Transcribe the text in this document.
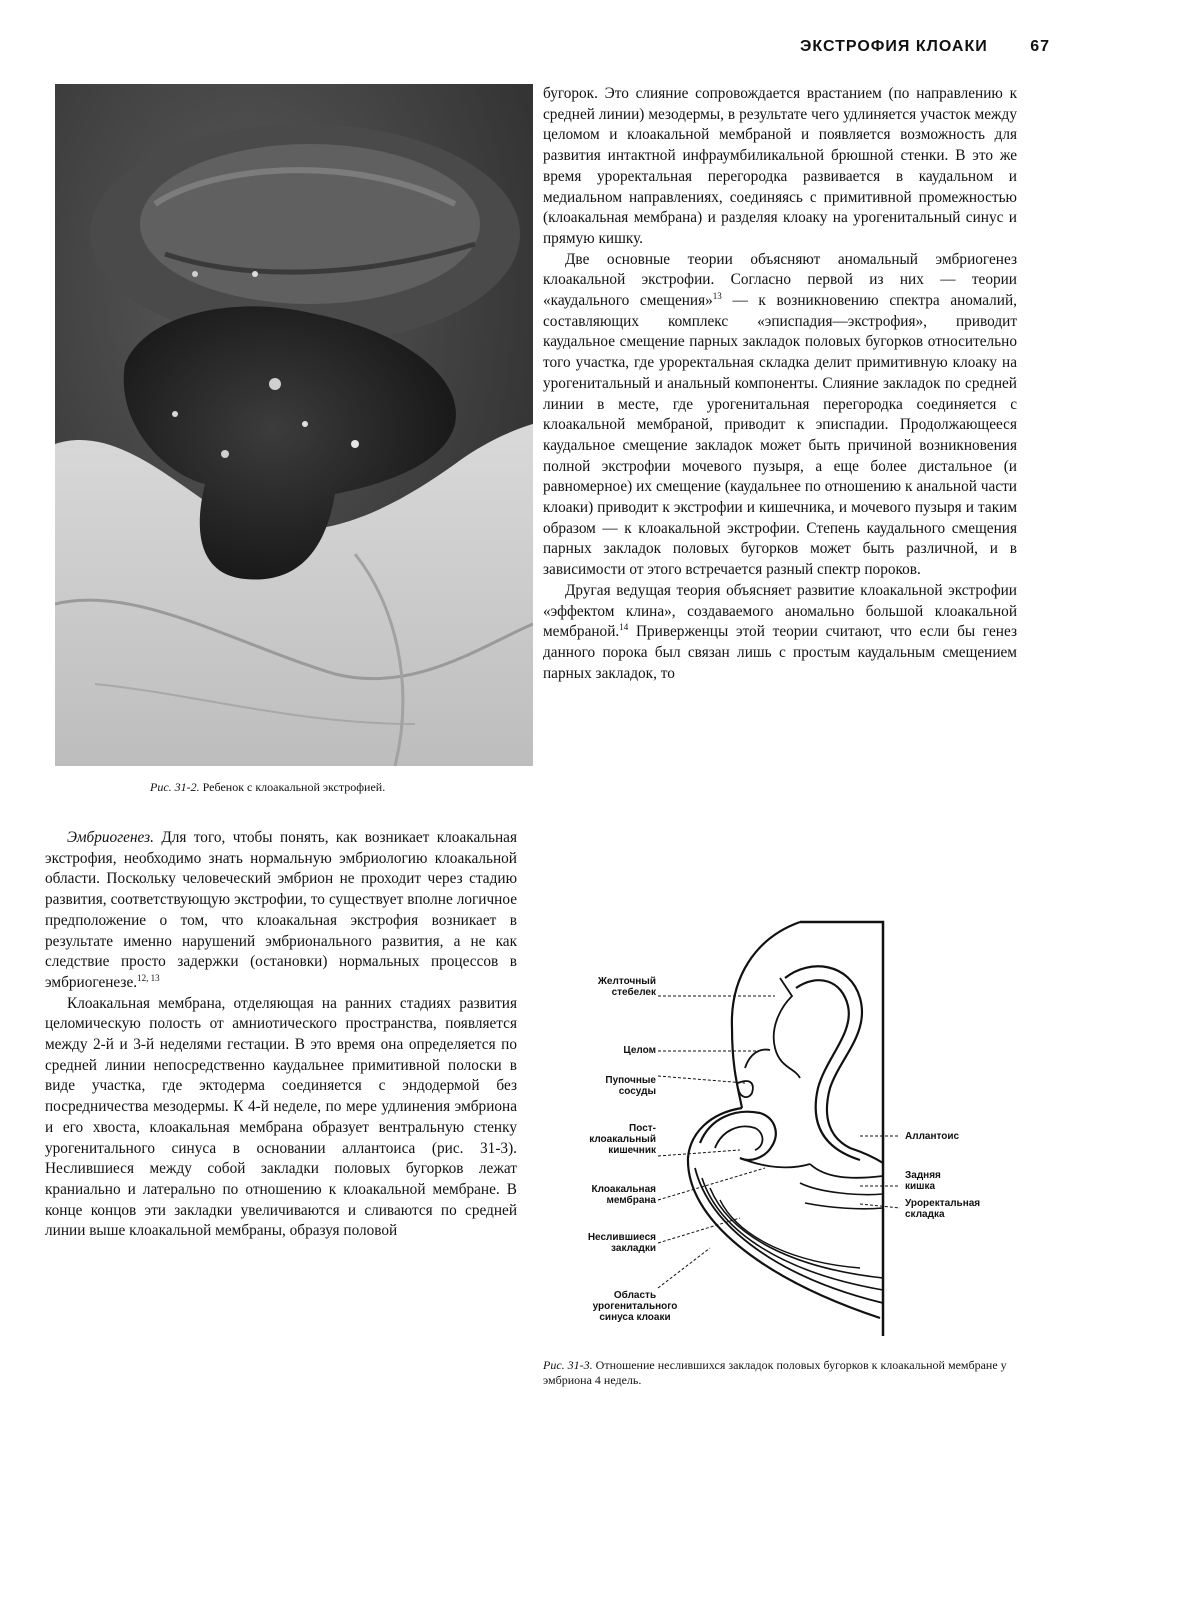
ЭКСТРОФИЯ КЛОАКИ	67
Рис. 31-2. Ребенок с клоакальной экстрофией.

Эмбриогенез. Для того, чтобы понять, как возникает клоакальная экстрофия, необходимо знать нормальную эмбриологию клоакальной области. Поскольку человеческий эмбрион не проходит через стадию развития, соответствующую экстрофии, то существует вполне логичное предположение о том, что клоакальная экстрофия возникает в результате именно нарушений эмбрионального развития, а не как следствие просто задержки (остановки) нормальных процессов в эмбриогенезе.$^{12, 13}$

Клоакальная мембрана, отделяющая на ранних стадиях развития целомическую полость от амниотического пространства, появляется между 2-й и 3-й неделями гестации. В это время она определяется по средней линии непосредственно каудальнее примитивной полоски в виде участка, где эктодерма соединяется с эндодермой без посредничества мезодермы. К 4-й неделе, по мере удлинения эмбриона и его хвоста, клоакальная мембрана образует вентральную стенку урогенитального синуса в основании аллантоиса (рис. 31-3). Неслившиеся между собой закладки половых бугорков лежат краниально и латерально по отношению к клоакальной мембране. В конце концов эти закладки увеличиваются и сливаются по средней линии выше клоакальной мембраны, образуя половой

бугорок. Это слияние сопровождается врастанием (по направлению к средней линии) мезодермы, в результате чего удлиняется участок между целомом и клоакальной мембраной и появляется возможность для развития интактной инфраумбиликальной брюшной стенки. В это же время уроректальная перегородка развивается в каудальном и медиальном направлениях, соединяясь с примитивной промежностью (клоакальная мембрана) и разделяя клоаку на урогенитальный синус и прямую кишку.

Две основные теории объясняют аномальный эмбриогенез клоакальной экстрофии. Согласно первой из них — теории «каудального смещения»$^{13}$ — к возникновению спектра аномалий, составляющих комплекс «эписпадия—экстрофия», приводит каудальное смещение парных закладок половых бугорков относительно того участка, где уроректальная складка делит примитивную клоаку на урогенитальный и анальный компоненты. Слияние закладок по средней линии в месте, где урогенитальная перегородка соединяется с клоакальной мембраной, приводит к эписпадии. Продолжающееся каудальное смещение закладок может быть причиной возникновения полной экстрофии мочевого пузыря, а еще более дистальное (и равномерное) их смещение (каудальнее по отношению к анальной части клоаки) приводит к экстрофии и кишечника, и мочевого пузыря и таким образом — к клоакальной экстрофии. Степень каудального смещения парных закладок половых бугорков может быть различной, и в зависимости от этого встречается разный спектр пороков.

Другая ведущая теория объясняет развитие клоакальной экстрофии «эффектом клина», создаваемого аномально большой клоакальной мембраной.$^{14}$ Приверженцы этой теории считают, что если бы генез данного порока был связан лишь с простым каудальным смещением парных закладок, то

Желточный
стебелек
Целом
Пупочные
сосуды
Пост-
клоакальный
кишечник
Клоакальная
мембрана
Неслившиеся
закладки
Область
урогенитального
синуса клоаки
Аллантоис
Задняя
кишка
Уроректальная
складка
Рис. 31-3. Отношение неслившихся закладок половых бугорков к клоакальной мембране у эмбриона 4 недель.
